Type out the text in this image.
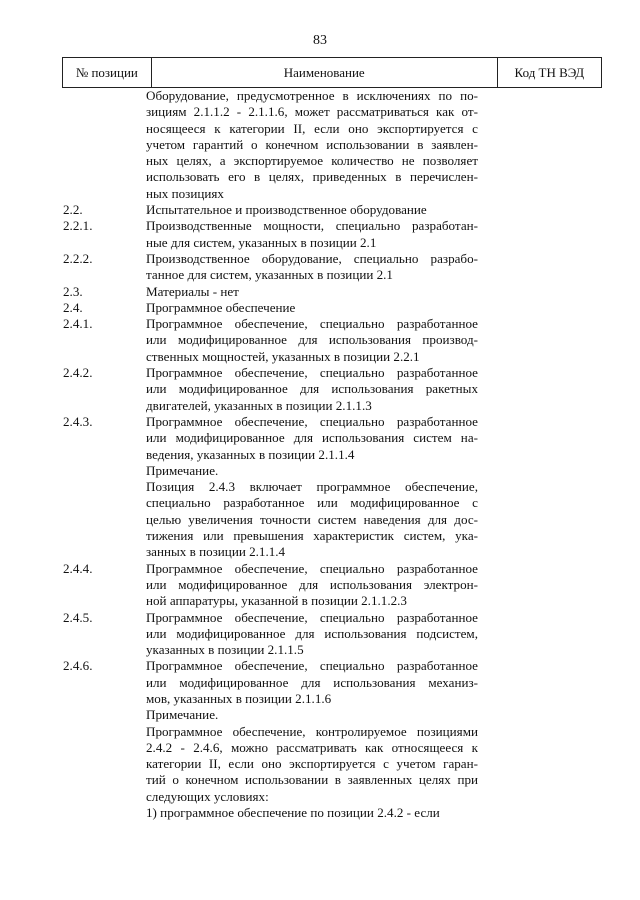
83
№ позиции	Наименование	Код ТН ВЭД
Оборудование, предусмотренное в исключениях по по-
зициям 2.1.1.2 - 2.1.1.6, может рассматриваться как от-
носящееся к категории II, если оно экспортируется с
учетом гарантий о конечном использовании в заявлен-
ных целях, а экспортируемое количество не позволяет
использовать его в целях, приведенных в перечислен-
ных позициях
2.2.	Испытательное и производственное оборудование
2.2.1.	Производственные мощности, специально разработан-
ные для систем, указанных в позиции 2.1
2.2.2.	Производственное оборудование, специально разрабо-
танное для систем, указанных в позиции 2.1
2.3.	Материалы - нет
2.4.	Программное обеспечение
2.4.1.	Программное обеспечение, специально разработанное
или модифицированное для использования производ-
ственных мощностей, указанных в позиции 2.2.1
2.4.2.	Программное обеспечение, специально разработанное
или модифицированное для использования ракетных
двигателей, указанных в позиции 2.1.1.3
2.4.3.	Программное обеспечение, специально разработанное
или модифицированное для использования систем на-
ведения, указанных в позиции 2.1.1.4
Примечание.
Позиция 2.4.3 включает программное обеспечение,
специально разработанное или модифицированное с
целью увеличения точности систем наведения для дос-
тижения или превышения характеристик систем, ука-
занных в позиции 2.1.1.4
2.4.4.	Программное обеспечение, специально разработанное
или модифицированное для использования электрон-
ной аппаратуры, указанной в позиции 2.1.1.2.3
2.4.5.	Программное обеспечение, специально разработанное
или модифицированное для использования подсистем,
указанных в позиции 2.1.1.5
2.4.6.	Программное обеспечение, специально разработанное
или модифицированное для использования механиз-
мов, указанных в позиции 2.1.1.6
Примечание.
Программное обеспечение, контролируемое позициями
2.4.2 - 2.4.6, можно рассматривать как относящееся к
категории II, если оно экспортируется с учетом гаран-
тий о конечном использовании в заявленных целях при
следующих условиях:
1) программное обеспечение по позиции 2.4.2 - если
